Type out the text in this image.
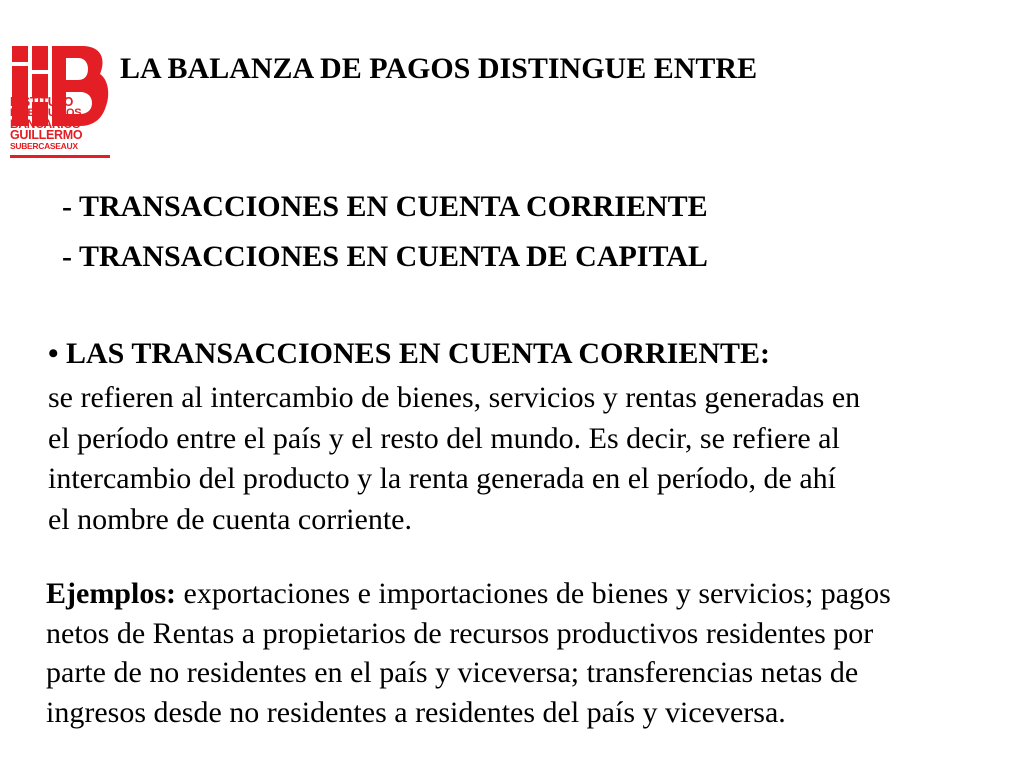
INSTITUTO
DE ESTUDIOS
BANCARIOS
GUILLERMO
SUBERCASEAUX
LA BALANZA DE PAGOS DISTINGUE ENTRE
- TRANSACCIONES EN CUENTA CORRIENTE
- TRANSACCIONES EN CUENTA DE CAPITAL
• LAS TRANSACCIONES EN CUENTA CORRIENTE:
se refieren al intercambio de bienes, servicios y rentas generadas en
el período entre el país y el resto del mundo. Es decir, se refiere al
intercambio del producto y la renta generada en el período, de ahí
el nombre de cuenta corriente.
Ejemplos: exportaciones e importaciones de bienes y servicios; pagos
netos de Rentas a propietarios de recursos productivos residentes por
parte de no residentes en el país y viceversa; transferencias netas de
ingresos desde no residentes a residentes del país y viceversa.
